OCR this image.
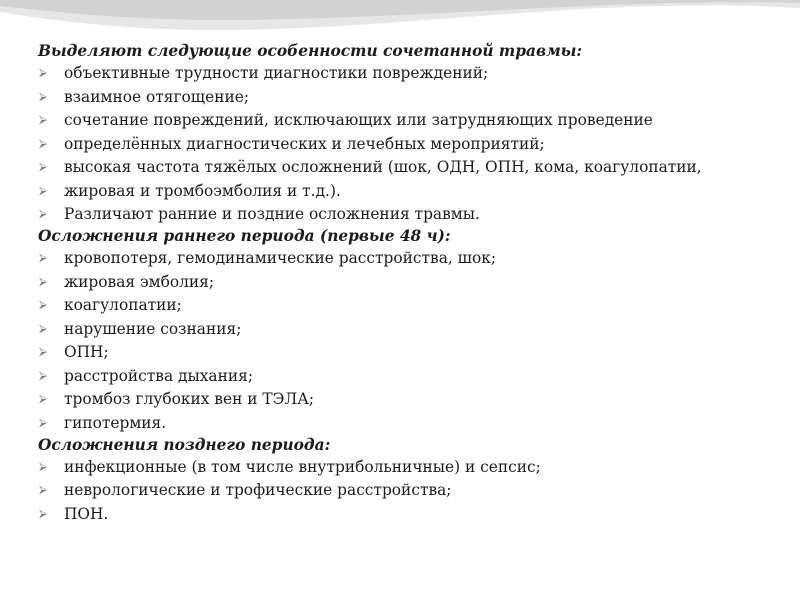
Выделяют следующие особенности сочетанной травмы:
⮚ объективные трудности диагностики повреждений;
⮚ взаимное отягощение;
⮚ сочетание повреждений, исключающих или затрудняющих проведение
⮚ определённых диагностических и лечебных мероприятий;
⮚ высокая частота тяжёлых осложнений (шок, ОДН, ОПН, кома, коагулопатии,
⮚ жировая и тромбоэмболия и т.д.).
⮚ Различают ранние и поздние осложнения травмы.
Осложнения раннего периода (первые 48 ч):
⮚ кровопотеря, гемодинамические расстройства, шок;
⮚ жировая эмболия;
⮚ коагулопатии;
⮚ нарушение сознания;
⮚ ОПН;
⮚ расстройства дыхания;
⮚ тромбоз глубоких вен и ТЭЛА;
⮚ гипотермия.
Осложнения позднего периода:
⮚ инфекционные (в том числе внутрибольничные) и сепсис;
⮚ неврологические и трофические расстройства;
⮚ ПОН.
